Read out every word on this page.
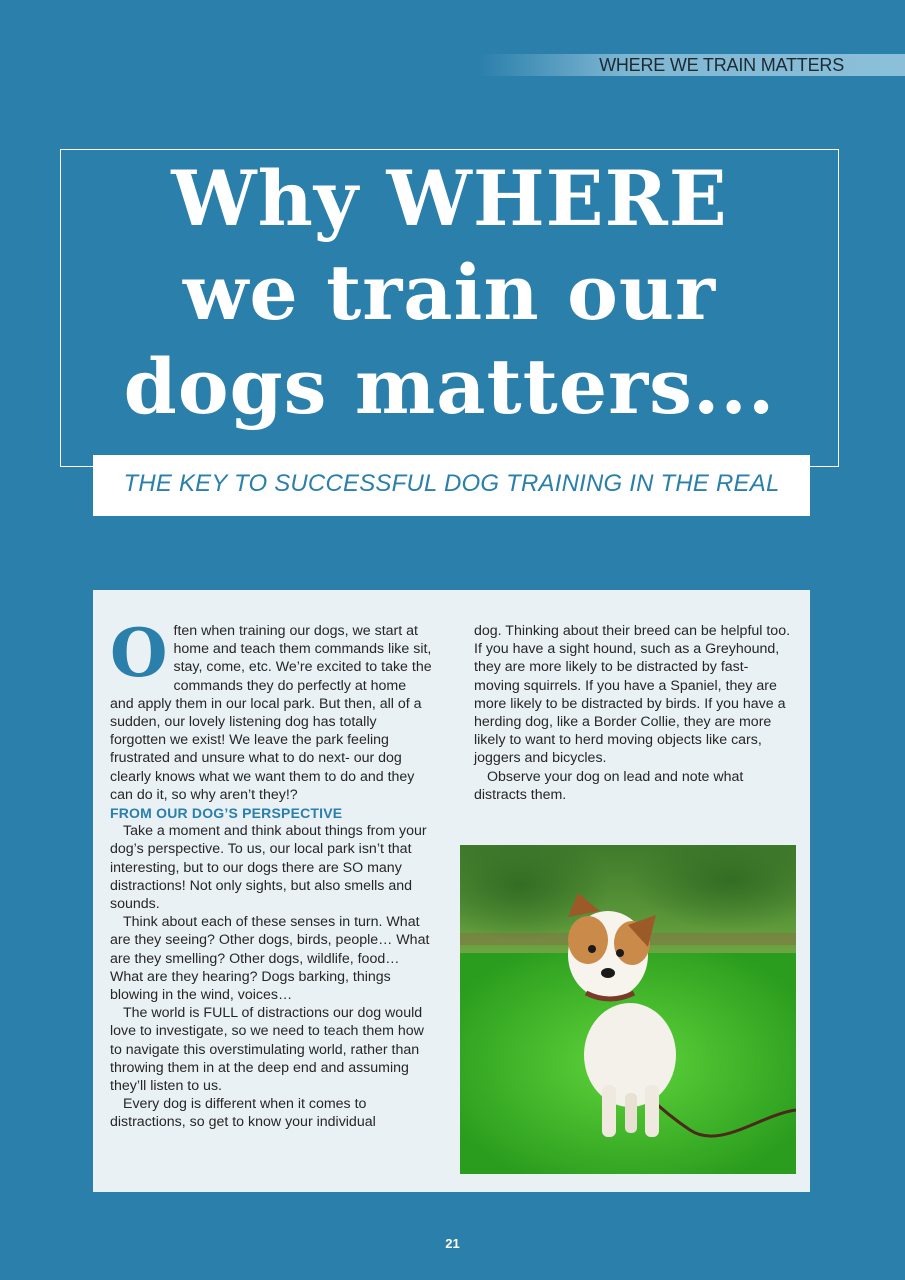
WHERE WE TRAIN MATTERS
Why WHERE
we train our
dogs matters...
THE KEY TO SUCCESSFUL DOG TRAINING IN THE REAL

Often when training our dogs, we start at home and teach them commands like sit, stay, come, etc. We’re excited to take the commands they do perfectly at home and apply them in our local park. But then, all of a sudden, our lovely listening dog has totally forgotten we exist! We leave the park feeling frustrated and unsure what to do next- our dog clearly knows what we want them to do and they can do it, so why aren’t they!?

FROM OUR DOG’S PERSPECTIVE

Take a moment and think about things from your dog’s perspective. To us, our local park isn’t that interesting, but to our dogs there are SO many distractions! Not only sights, but also smells and sounds.

Think about each of these senses in turn. What are they seeing? Other dogs, birds, people… What are they smelling? Other dogs, wildlife, food… What are they hearing? Dogs barking, things blowing in the wind, voices…

The world is FULL of distractions our dog would love to investigate, so we need to teach them how to navigate this overstimulating world, rather than throwing them in at the deep end and assuming they’ll listen to us.

Every dog is different when it comes to distractions, so get to know your individual

dog. Thinking about their breed can be helpful too. If you have a sight hound, such as a Greyhound, they are more likely to be distracted by fast-moving squirrels. If you have a Spaniel, they are more likely to be distracted by birds. If you have a herding dog, like a Border Collie, they are more likely to want to herd moving objects like cars, joggers and bicycles.

Observe your dog on lead and note what distracts them.

21
